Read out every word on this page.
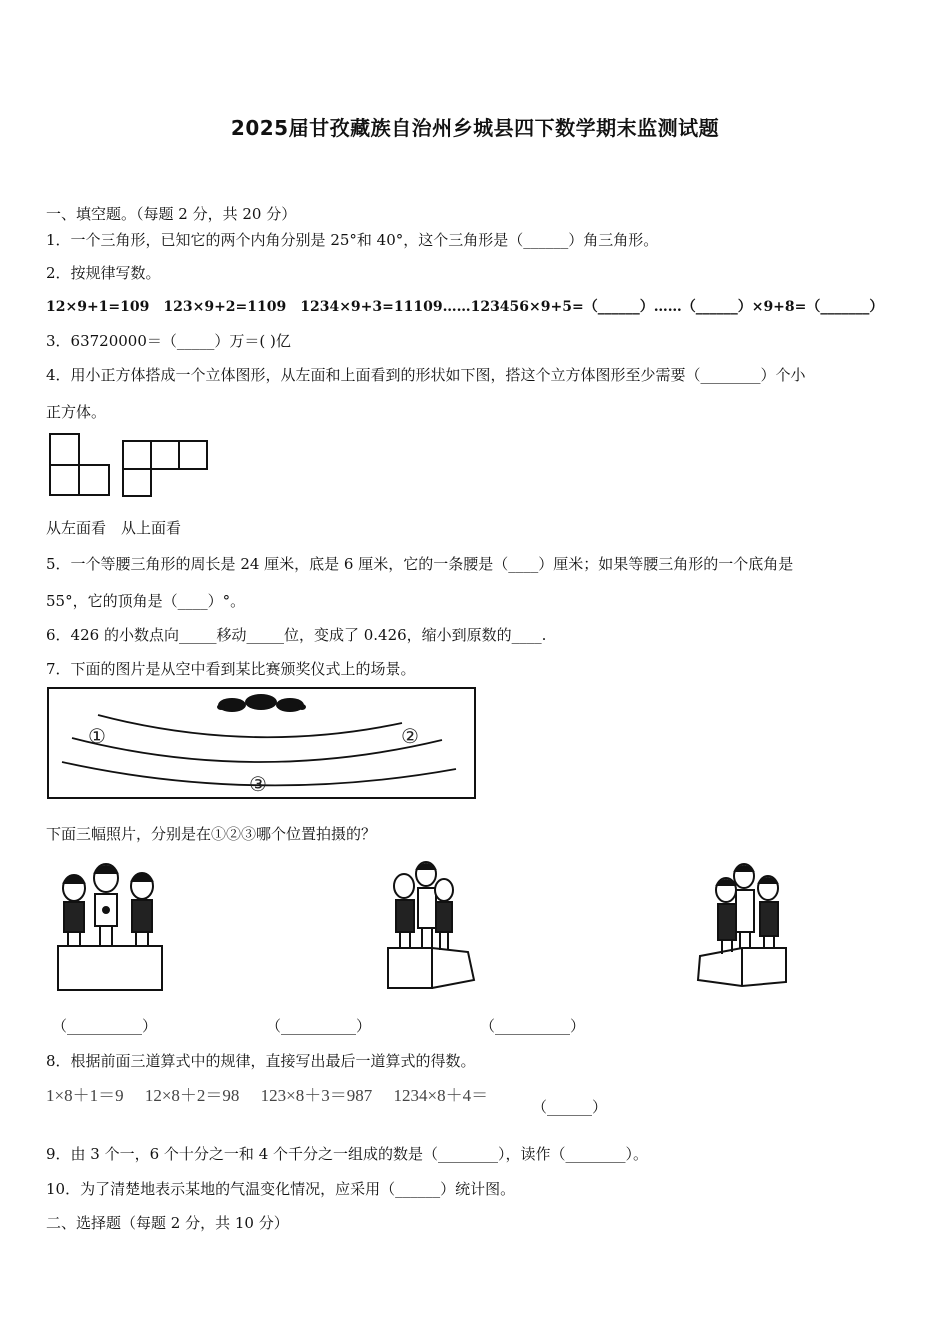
2025届甘孜藏族自治州乡城县四下数学期末监测试题
一、填空题。（每题 2 分，共 20 分）
1．一个三角形，已知它的两个内角分别是 25°和 40°，这个三角形是（______）角三角形。
2．按规律写数。
12×9+1=109　123×9+2=1109　1234×9+3=11109……123456×9+5=（______）……（______）×9+8=（_______）
3．63720000＝（_____）万＝( )亿
4．用小正方体搭成一个立体图形，从左面和上面看到的形状如下图，搭这个立方体图形至少需要（________）个小
正方体。
从左面看　从上面看
5．一个等腰三角形的周长是 24 厘米，底是 6 厘米，它的一条腰是（____）厘米；如果等腰三角形的一个底角是
55°，它的顶角是（____）°。
6．426 的小数点向_____移动_____位，变成了 0.426，缩小到原数的____.
7．下面的图片是从空中看到某比赛颁奖仪式上的场景。
①	②
③
下面三幅照片，分别是在①②③哪个位置拍摄的？
（__________）	（__________）	（__________）
8．根据前面三道算式中的规律，直接写出最后一道算式的得数。
1×8＋1＝9　 12×8＋2＝98　 123×8＋3＝987　 1234×8＋4＝
（______）
9．由 3 个一，6 个十分之一和 4 个千分之一组成的数是（________），读作（________）。
10．为了清楚地表示某地的气温变化情况，应采用（______）统计图。
二、选择题（每题 2 分，共 10 分）
